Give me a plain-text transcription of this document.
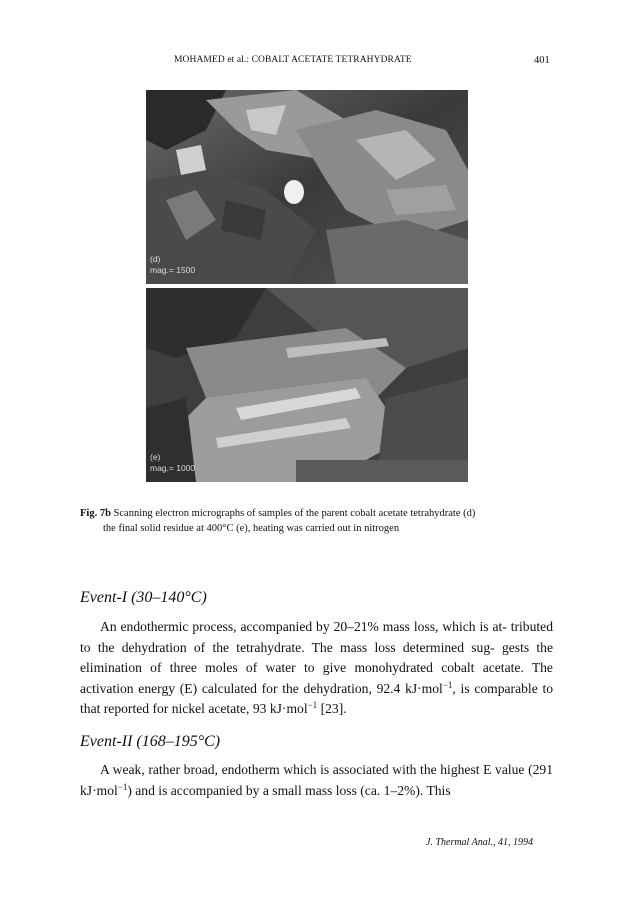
MOHAMED et al.: COBALT ACETATE TETRAHYDRATE	401
(d)
mag.= 1500
(e)
mag.= 1000
Fig. 7b Scanning electron micrographs of samples of the parent cobalt acetate tetrahydrate (d)
the final solid residue at 400°C (e), heating was carried out in nitrogen
Event-I (30–140°C)
An endothermic process, accompanied by 20–21% mass loss, which is at- tributed to the dehydration of the tetrahydrate. The mass loss determined sug- gests the elimination of three moles of water to give monohydrated cobalt acetate. The activation energy (E) calculated for the dehydration, 92.4 kJ·mol$^{-1}$, is comparable to that reported for nickel acetate, 93 kJ·mol$^{-1}$ [23].
Event-II (168–195°C)
A weak, rather broad, endotherm which is associated with the highest E value (291 kJ·mol$^{-1}$) and is accompanied by a small mass loss (ca. 1–2%). This
J. Thermal Anal., 41, 1994
